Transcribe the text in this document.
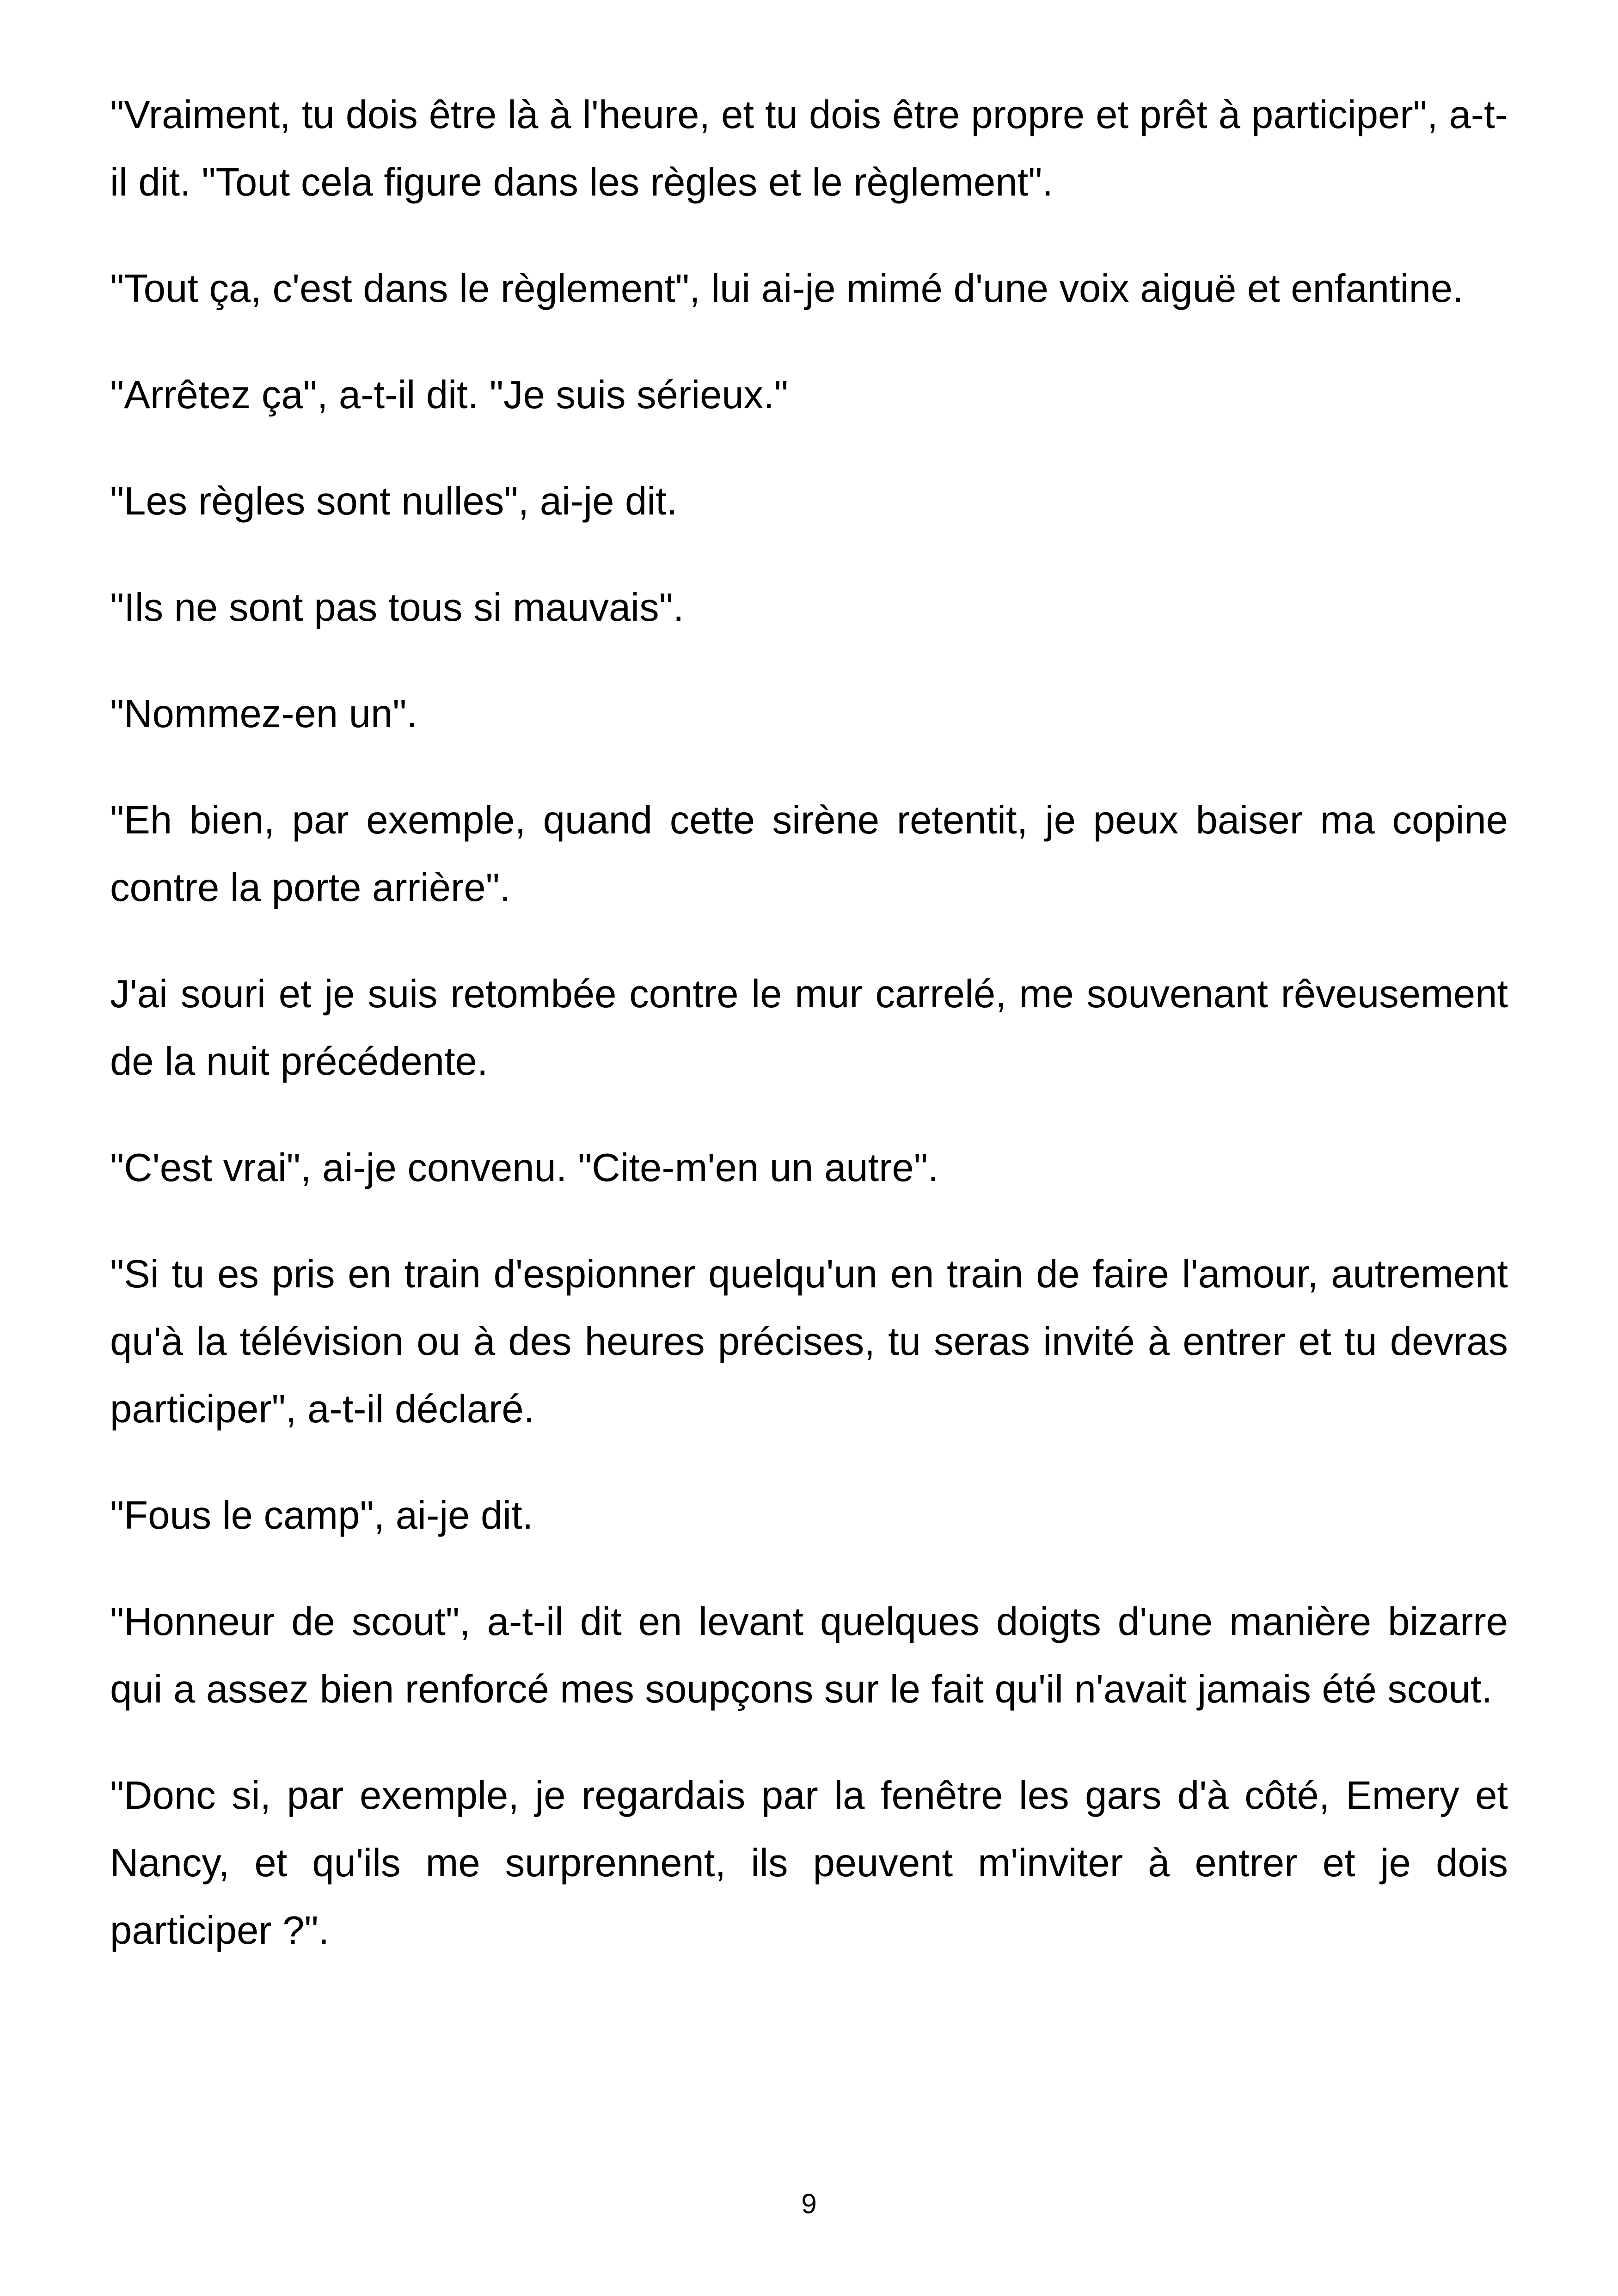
"Vraiment, tu dois être là à l'heure, et tu dois être propre et prêt à participer", a-t-il dit. "Tout cela figure dans les règles et le règlement".

"Tout ça, c'est dans le règlement", lui ai-je mimé d'une voix aiguë et enfantine.

"Arrêtez ça", a-t-il dit. "Je suis sérieux."

"Les règles sont nulles", ai-je dit.

"Ils ne sont pas tous si mauvais".

"Nommez-en un".

"Eh bien, par exemple, quand cette sirène retentit, je peux baiser ma copine contre la porte arrière".

J'ai souri et je suis retombée contre le mur carrelé, me souvenant rêveusement de la nuit précédente.

"C'est vrai", ai-je convenu. "Cite-m'en un autre".

"Si tu es pris en train d'espionner quelqu'un en train de faire l'amour, autrement qu'à la télévision ou à des heures précises, tu seras invité à entrer et tu devras participer", a-t-il déclaré.

"Fous le camp", ai-je dit.

"Honneur de scout", a-t-il dit en levant quelques doigts d'une manière bizarre qui a assez bien renforcé mes soupçons sur le fait qu'il n'avait jamais été scout.

"Donc si, par exemple, je regardais par la fenêtre les gars d'à côté, Emery et Nancy, et qu'ils me surprennent, ils peuvent m'inviter à entrer et je dois participer ?".

9
